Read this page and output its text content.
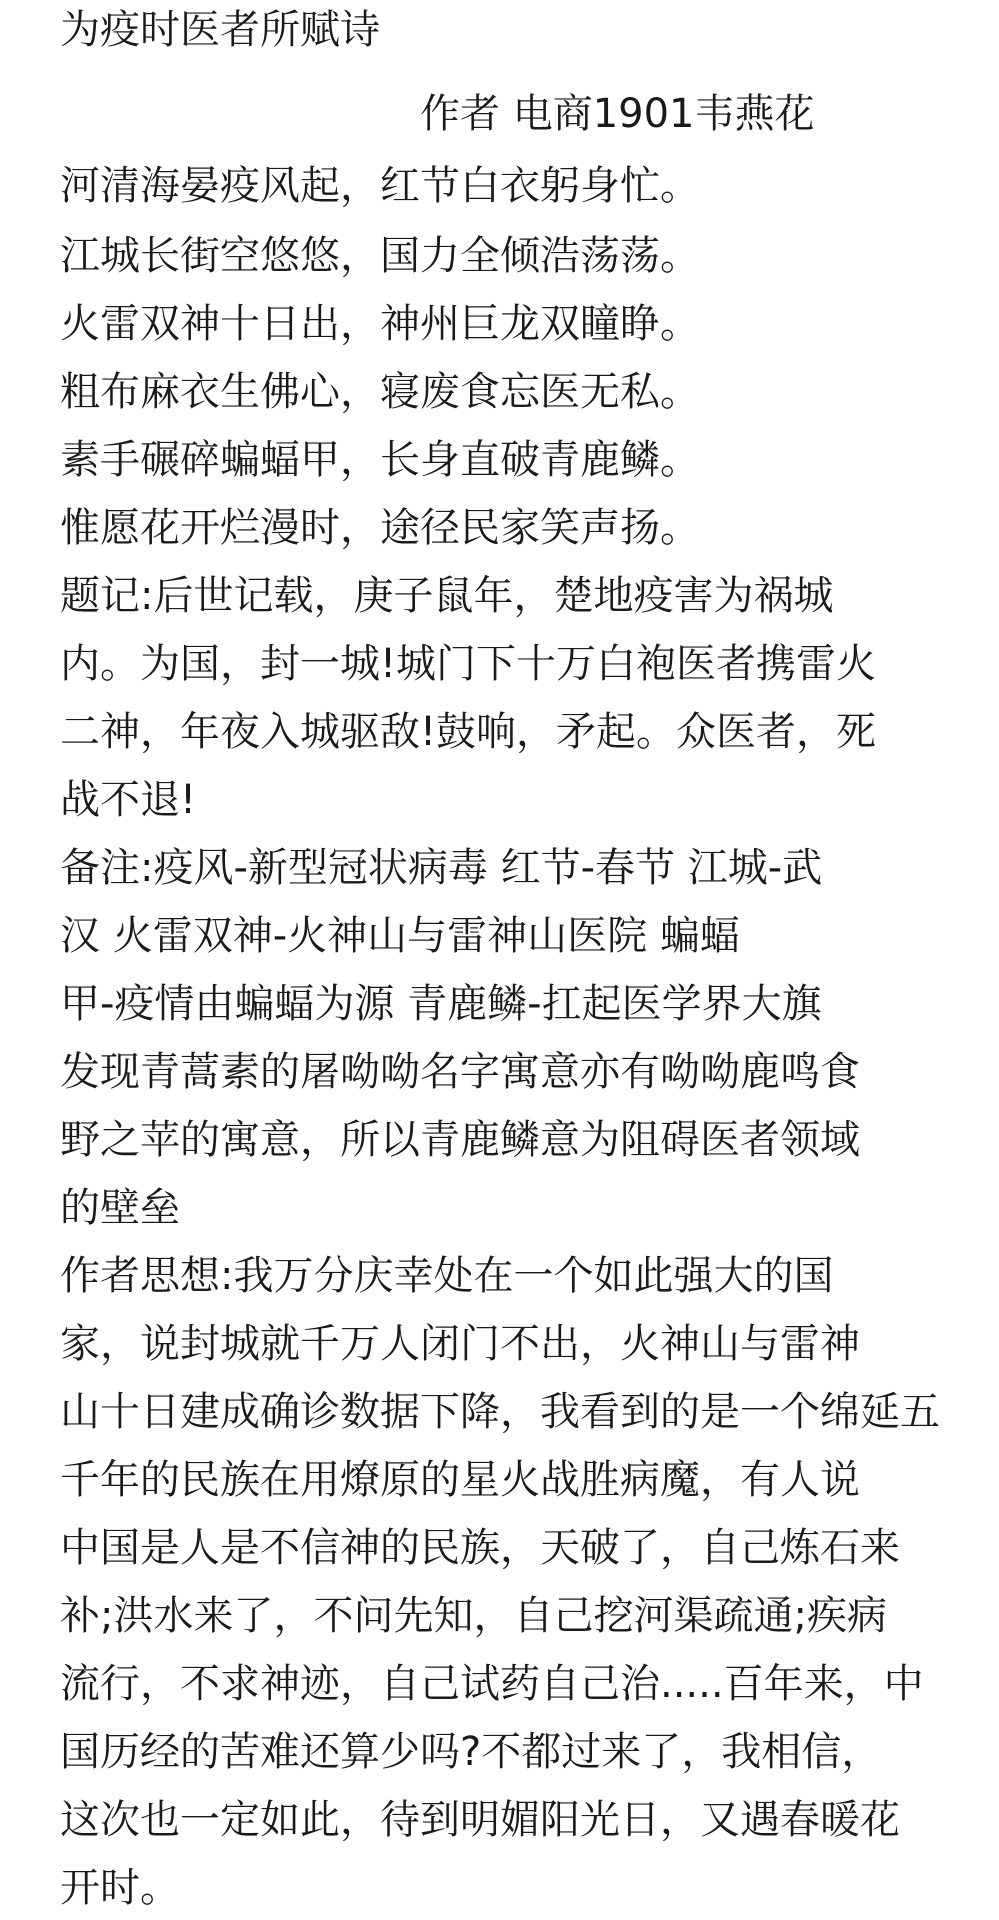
为疫时医者所赋诗
作者 电商1901韦燕花
河清海晏疫风起，红节白衣躬身忙。
江城长街空悠悠，国力全倾浩荡荡。
火雷双神十日出，神州巨龙双瞳睁。
粗布麻衣生佛心，寝废食忘医无私。
素手碾碎蝙蝠甲，长身直破青鹿鳞。
惟愿花开烂漫时，途径民家笑声扬。
题记:后世记载，庚子鼠年，楚地疫害为祸城
内。为国，封一城!城门下十万白袍医者携雷火
二神，年夜入城驱敌!鼓响，矛起。众医者，死
战不退!
备注:疫风-新型冠状病毒 红节-春节 江城-武
汉 火雷双神-火神山与雷神山医院 蝙蝠
甲-疫情由蝙蝠为源 青鹿鳞-扛起医学界大旗
发现青蒿素的屠呦呦名字寓意亦有呦呦鹿鸣食
野之苹的寓意，所以青鹿鳞意为阻碍医者领域
的壁垒
作者思想:我万分庆幸处在一个如此强大的国
家，说封城就千万人闭门不出，火神山与雷神
山十日建成确诊数据下降，我看到的是一个绵延五
千年的民族在用燎原的星火战胜病魔，有人说
中国是人是不信神的民族，天破了，自己炼石来
补;洪水来了，不问先知，自己挖河渠疏通;疾病
流行，不求神迹，自己试药自己治.....百年来，中
国历经的苦难还算少吗?不都过来了，我相信，
这次也一定如此，待到明媚阳光日，又遇春暖花
开时。
